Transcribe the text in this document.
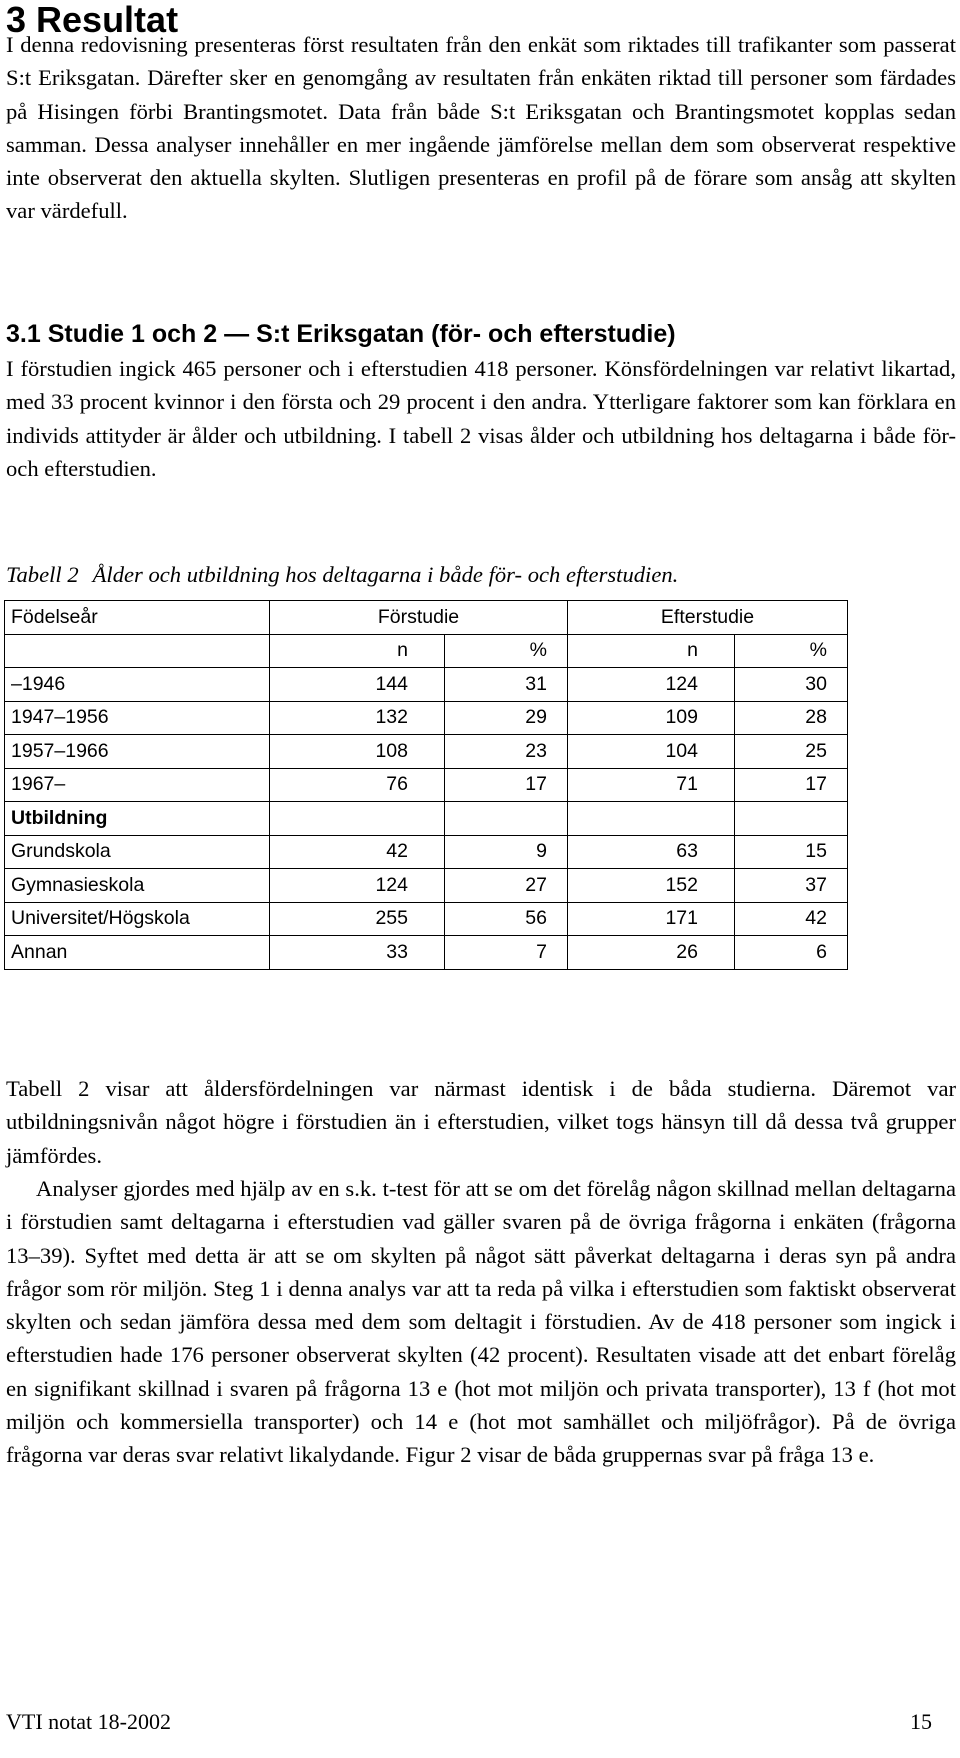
3 Resultat

I denna redovisning presenteras först resultaten från den enkät som riktades till trafikanter som passerat S:t Eriksgatan. Därefter sker en genomgång av resultaten från enkäten riktad till personer som färdades på Hisingen förbi Brantingsmotet. Data från både S:t Eriksgatan och Brantingsmotet kopplas sedan samman. Dessa analyser innehåller en mer ingående jämförelse mellan dem som observerat respektive inte observerat den aktuella skylten. Slutligen presenteras en profil på de förare som ansåg att skylten var värdefull.

3.1 Studie 1 och 2 — S:t Eriksgatan (för- och efterstudie)

I förstudien ingick 465 personer och i efterstudien 418 personer. Könsfördelningen var relativt likartad, med 33 procent kvinnor i den första och 29 procent i den andra. Ytterligare faktorer som kan förklara en individs attityder är ålder och utbildning. I tabell 2 visas ålder och utbildning hos deltagarna i både för- och efterstudien.

Tabell 2 Ålder och utbildning hos deltagarna i både för- och efterstudien.

Födelseår	Förstudie		Efterstudie	
	n	%	n	%
–1946	144	31	124	30
1947–1956	132	29	109	28
1957–1966	108	23	104	25
1967–	76	17	71	17
Utbildning				
Grundskola	42	9	63	15
Gymnasieskola	124	27	152	37
Universitet/Högskola	255	56	171	42
Annan	33	7	26	6

Tabell 2 visar att åldersfördelningen var närmast identisk i de båda studierna. Däremot var utbildningsnivån något högre i förstudien än i efterstudien, vilket togs hänsyn till då dessa två grupper jämfördes.

Analyser gjordes med hjälp av en s.k. t-test för att se om det förelåg någon skillnad mellan deltagarna i förstudien samt deltagarna i efterstudien vad gäller svaren på de övriga frågorna i enkäten (frågorna 13–39). Syftet med detta är att se om skylten på något sätt påverkat deltagarna i deras syn på andra frågor som rör miljön. Steg 1 i denna analys var att ta reda på vilka i efterstudien som faktiskt observerat skylten och sedan jämföra dessa med dem som deltagit i förstudien. Av de 418 personer som ingick i efterstudien hade 176 personer observerat skylten (42 procent). Resultaten visade att det enbart förelåg en signifikant skillnad i svaren på frågorna 13 e (hot mot miljön och privata transporter), 13 f (hot mot miljön och kommersiella transporter) och 14 e (hot mot samhället och miljöfrågor). På de övriga frågorna var deras svar relativt likalydande. Figur 2 visar de båda gruppernas svar på fråga 13 e.

VTI notat 18-2002	15
